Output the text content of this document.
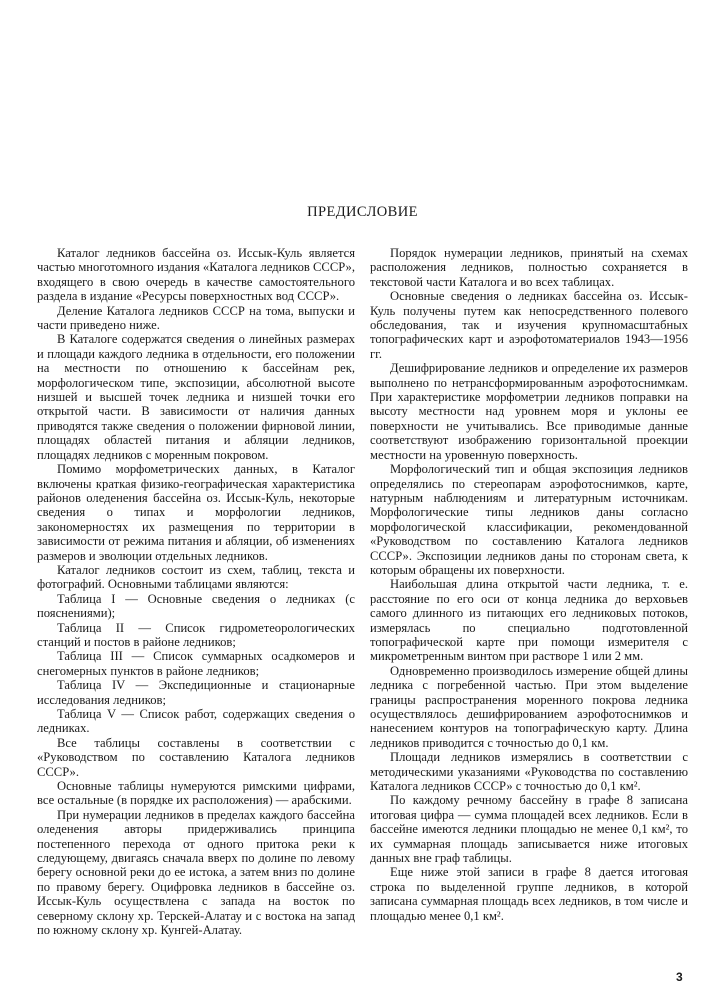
ПРЕДИСЛОВИЕ

Каталог ледников бассейна оз. Иссык-Куль является частью многотомного издания «Каталога ледников СССР», входящего в свою очередь в качестве самостоятельного раздела в издание «Ресурсы поверхностных вод СССР».

Деление Каталога ледников СССР на тома, выпуски и части приведено ниже.

В Каталоге содержатся сведения о линейных размерах и площади каждого ледника в отдельности, его положении на местности по отношению к бассейнам рек, морфологическом типе, экспозиции, абсолютной высоте низшей и высшей точек ледника и низшей точки его открытой части. В зависимости от наличия данных приводятся также сведения о положении фирновой линии, площадях областей питания и абляции ледников, площадях ледников с моренным покровом.

Помимо морфометрических данных, в Каталог включены краткая физико-географическая характеристика районов оледенения бассейна оз. Иссык-Куль, некоторые сведения о типах и морфологии ледников, закономерностях их размещения по территории в зависимости от режима питания и абляции, об изменениях размеров и эволюции отдельных ледников.

Каталог ледников состоит из схем, таблиц, текста и фотографий. Основными таблицами являются:

Таблица I — Основные сведения о ледниках (с пояснениями);

Таблица II — Список гидрометеорологических станций и постов в районе ледников;

Таблица III — Список суммарных осадкомеров и снегомерных пунктов в районе ледников;

Таблица IV — Экспедиционные и стационарные исследования ледников;

Таблица V — Список работ, содержащих сведения о ледниках.

Все таблицы составлены в соответствии с «Руководством по составлению Каталога ледников СССР».

Основные таблицы нумеруются римскими цифрами, все остальные (в порядке их расположения) — арабскими.

При нумерации ледников в пределах каждого бассейна оледенения авторы придерживались принципа постепенного перехода от одного притока реки к следующему, двигаясь сначала вверх по долине по левому берегу основной реки до ее истока, а затем вниз по долине по правому берегу. Оцифровка ледников в бассейне оз. Иссык-Куль осуществлена с запада на восток по северному склону хр. Терскей-Алатау и с востока на запад по южному склону хр. Кунгей-Алатау.

Порядок нумерации ледников, принятый на схемах расположения ледников, полностью сохраняется в текстовой части Каталога и во всех таблицах.

Основные сведения о ледниках бассейна оз. Иссык-Куль получены путем как непосредственного полевого обследования, так и изучения крупномасштабных топографических карт и аэрофотоматериалов 1943—1956 гг.

Дешифрирование ледников и определение их размеров выполнено по нетрансформированным аэрофотоснимкам. При характеристике морфометрии ледников поправки на высоту местности над уровнем моря и уклоны ее поверхности не учитывались. Все приводимые данные соответствуют изображению горизонтальной проекции местности на уровенную поверхность.

Морфологический тип и общая экспозиция ледников определялись по стереопарам аэрофотоснимков, карте, натурным наблюдениям и литературным источникам. Морфологические типы ледников даны согласно морфологической классификации, рекомендованной «Руководством по составлению Каталога ледников СССР». Экспозиции ледников даны по сторонам света, к которым обращены их поверхности.

Наибольшая длина открытой части ледника, т. е. расстояние по его оси от конца ледника до верховьев самого длинного из питающих его ледниковых потоков, измерялась по специально подготовленной топографической карте при помощи измерителя с микрометренным винтом при растворе 1 или 2 мм.

Одновременно производилось измерение общей длины ледника с погребенной частью. При этом выделение границы распространения моренного покрова ледника осуществлялось дешифрированием аэрофотоснимков и нанесением контуров на топографическую карту. Длина ледников приводится с точностью до 0,1 км.

Площади ледников измерялись в соответствии с методическими указаниями «Руководства по составлению Каталога ледников СССР» с точностью до 0,1 км².

По каждому речному бассейну в графе 8 записана итоговая цифра — сумма площадей всех ледников. Если в бассейне имеются ледники площадью не менее 0,1 км², то их суммарная площадь записывается ниже итоговых данных вне граф таблицы.

Еще ниже этой записи в графе 8 дается итоговая строка по выделенной группе ледников, в которой записана суммарная площадь всех ледников, в том числе и площадью менее 0,1 км².

3
